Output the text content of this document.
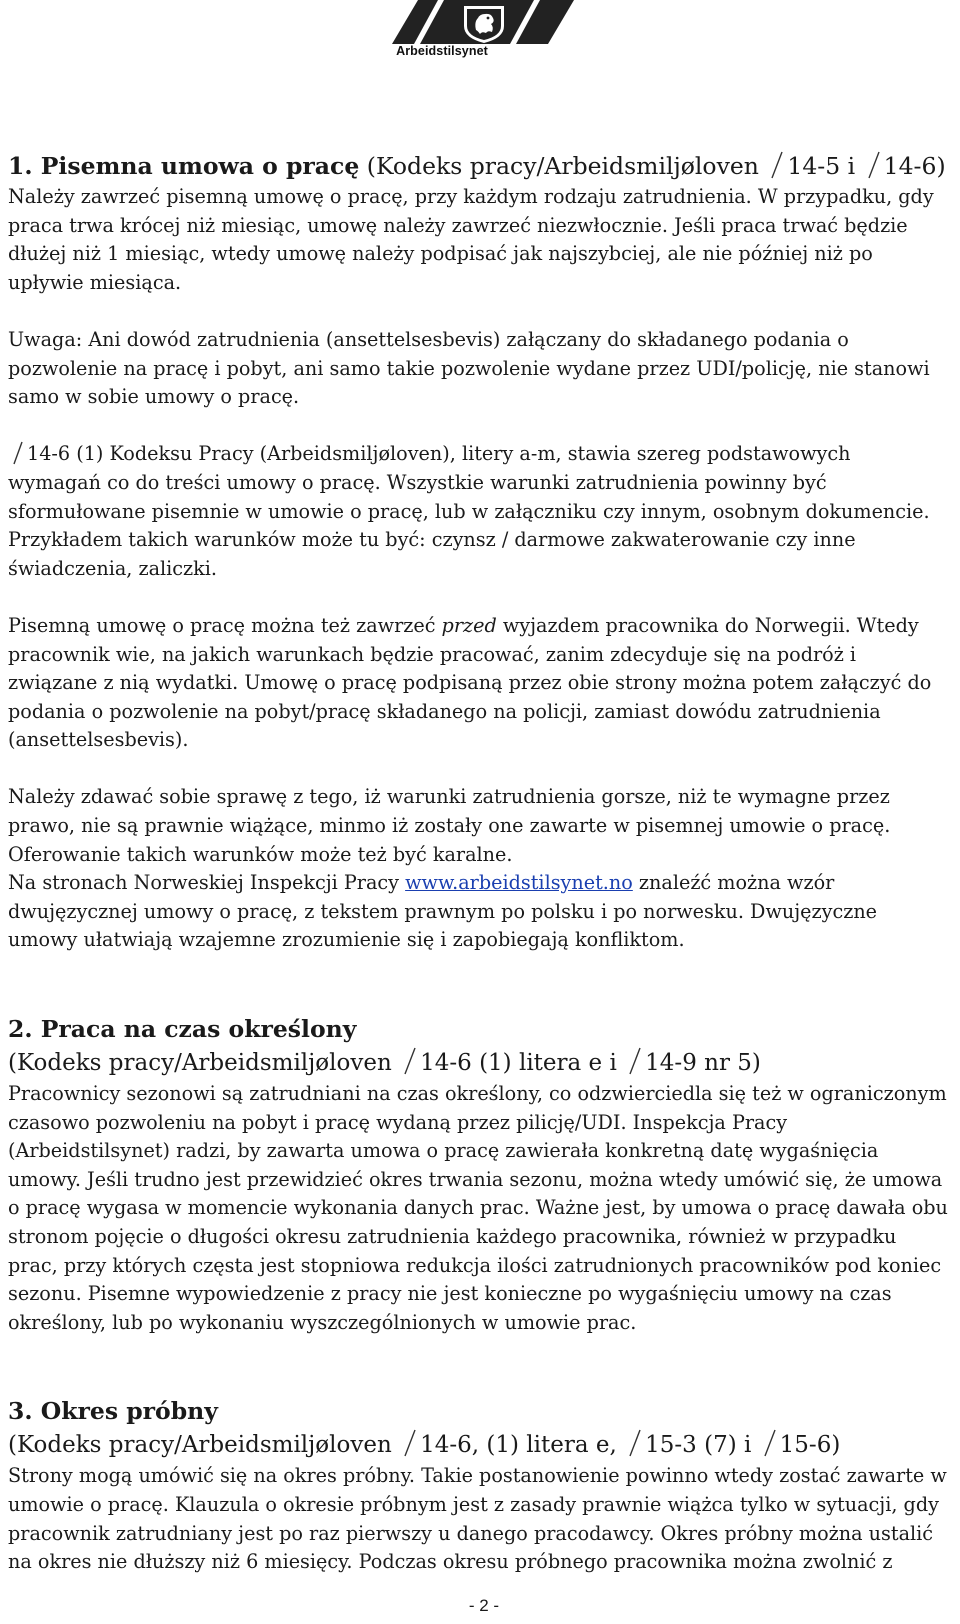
Arbeidstilsynet
1. Pisemna umowa o pracę (Kodeks pracy/Arbeidsmiljøloven 14-5 i 14-6)

Należy zawrzeć pisemną umowę o pracę, przy każdym rodzaju zatrudnienia. W przypadku, gdy praca trwa krócej niż miesiąc, umowę należy zawrzeć niezwłocznie. Jeśli praca trwać będzie dłużej niż 1 miesiąc, wtedy umowę należy podpisać jak najszybciej, ale nie później niż po upływie miesiąca.

Uwaga: Ani dowód zatrudnienia (ansettelsesbevis) załączany do składanego podania o pozwolenie na pracę i pobyt, ani samo takie pozwolenie wydane przez UDI/policję, nie stanowi samo w sobie umowy o pracę.

14-6 (1) Kodeksu Pracy (Arbeidsmiljøloven), litery a-m, stawia szereg podstawowych wymagań co do treści umowy o pracę. Wszystkie warunki zatrudnienia powinny być sformułowane pisemnie w umowie o pracę, lub w załączniku czy innym, osobnym dokumencie. Przykładem takich warunków może tu być: czynsz / darmowe zakwaterowanie czy inne świadczenia, zaliczki.

Pisemną umowę o pracę można też zawrzeć przed wyjazdem pracownika do Norwegii. Wtedy pracownik wie, na jakich warunkach będzie pracować, zanim zdecyduje się na podróż i związane z nią wydatki. Umowę o pracę podpisaną przez obie strony można potem załączyć do podania o pozwolenie na pobyt/pracę składanego na policji, zamiast dowódu zatrudnienia (ansettelsesbevis).

Należy zdawać sobie sprawę z tego, iż warunki zatrudnienia gorsze, niż te wymagne przez prawo, nie są prawnie wiążące, minmo iż zostały one zawarte w pisemnej umowie o pracę. Oferowanie takich warunków może też być karalne.

Na stronach Norweskiej Inspekcji Pracy www.arbeidstilsynet.no znaleźć można wzór dwujęzycznej umowy o pracę, z tekstem prawnym po polsku i po norwesku. Dwujęzyczne umowy ułatwiają wzajemne zrozumienie się i zapobiegają konfliktom.

2. Praca na czas określony
(Kodeks pracy/Arbeidsmiljøloven 14-6 (1) litera e i 14-9 nr 5)

Pracownicy sezonowi są zatrudniani na czas określony, co odzwierciedla się też w ograniczonym czasowo pozwoleniu na pobyt i pracę wydaną przez pilicję/UDI. Inspekcja Pracy (Arbeidstilsynet) radzi, by zawarta umowa o pracę zawierała konkretną datę wygaśnięcia umowy. Jeśli trudno jest przewidzieć okres trwania sezonu, można wtedy umówić się, że umowa o pracę wygasa w momencie wykonania danych prac. Ważne jest, by umowa o pracę dawała obu stronom pojęcie o długości okresu zatrudnienia każdego pracownika, również w przypadku prac, przy których częsta jest stopniowa redukcja ilości zatrudnionych pracowników pod koniec sezonu. Pisemne wypowiedzenie z pracy nie jest konieczne po wygaśnięciu umowy na czas określony, lub po wykonaniu wyszczególnionych w umowie prac.

3. Okres próbny
(Kodeks pracy/Arbeidsmiljøloven 14-6, (1) litera e, 15-3 (7) i 15-6)

Strony mogą umówić się na okres próbny. Takie postanowienie powinno wtedy zostać zawarte w umowie o pracę. Klauzula o okresie próbnym jest z zasady prawnie wiążca tylko w sytuacji, gdy pracownik zatrudniany jest po raz pierwszy u danego pracodawcy. Okres próbny można ustalić na okres nie dłuższy niż 6 miesięcy. Podczas okresu próbnego pracownika można zwolnić z

- 2 -
